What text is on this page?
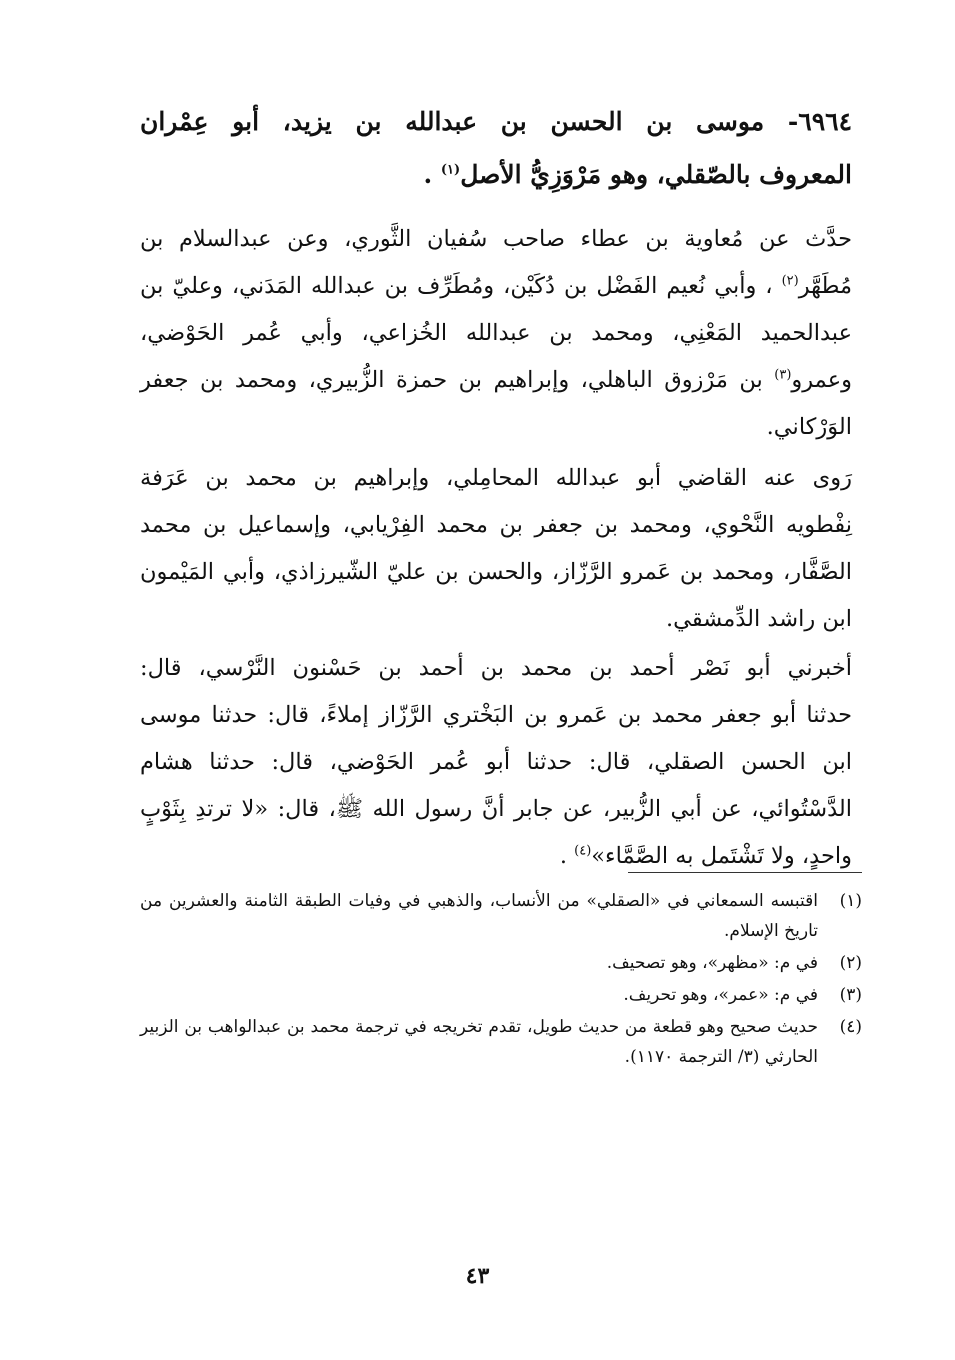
٦٩٦٤- موسى بن الحسن بن عبدالله بن يزيد، أبو عِمْران
المعروف بالصّقلي، وهو مَرْوَزِيُّ الأصل$^{(١)}$ .
حدَّث عن مُعاوية بن عطاء صاحب سُفيان الثَّوري، وعن عبدالسلام بن
مُطَهَّر$^{(٢)}$ ، وأبي نُعيم الفَضْل بن دُكَيْن، ومُطَرِّف بن عبدالله المَدَني، وعليّ بن
عبدالحميد المَعْنِي، ومحمد بن عبدالله الخُزاعي، وأبي عُمر الحَوْضي،
وعمرو$^{(٣)}$ بن مَرْزوق الباهلي، وإبراهيم بن حمزة الزُّبيري، ومحمد بن جعفر
الوَرْكاني.
رَوى عنه القاضي أبو عبدالله المحامِلي، وإبراهيم بن محمد بن عَرَفة
نِفْطويه النَّحْوي، ومحمد بن جعفر بن محمد الفِرْيابي، وإسماعيل بن محمد
الصَّفَّار، ومحمد بن عَمرو الرَّزّاز، والحسن بن عليّ الشّيرزاذي، وأبي المَيْمون
ابن راشد الدِّمشقي.
أخبرني أبو نَصْر أحمد بن محمد بن أحمد بن حَسْنون النَّرْسي، قال:
حدثنا أبو جعفر محمد بن عَمرو بن البَخْتري الرَّزّاز إملاءً، قال: حدثنا موسى
ابن الحسن الصقلي، قال: حدثنا أبو عُمر الحَوْضي، قال: حدثنا هشام
الدَّسْتُوائي، عن أبي الزُّبير، عن جابر أنَّ رسول الله ﷺ، قال: «لا ترتدِ بِثَوْبٍ
واحدٍ، ولا تَشْتَمل به الصَّمَّاء»$^{(٤)}$ .
(١)
اقتبسه السمعاني في «الصقلي» من الأنساب، والذهبي في وفيات الطبقة الثامنة والعشرين من تاريخ الإسلام.
(٢)
في م: «مظهر»، وهو تصحيف.
(٣)
في م: «عمر»، وهو تحريف.
(٤)
حديث صحيح وهو قطعة من حديث طويل، تقدم تخريجه في ترجمة محمد بن عبدالواهب بن الزبير الحارثي (٣/ الترجمة ١١٧٠).
٤٣
